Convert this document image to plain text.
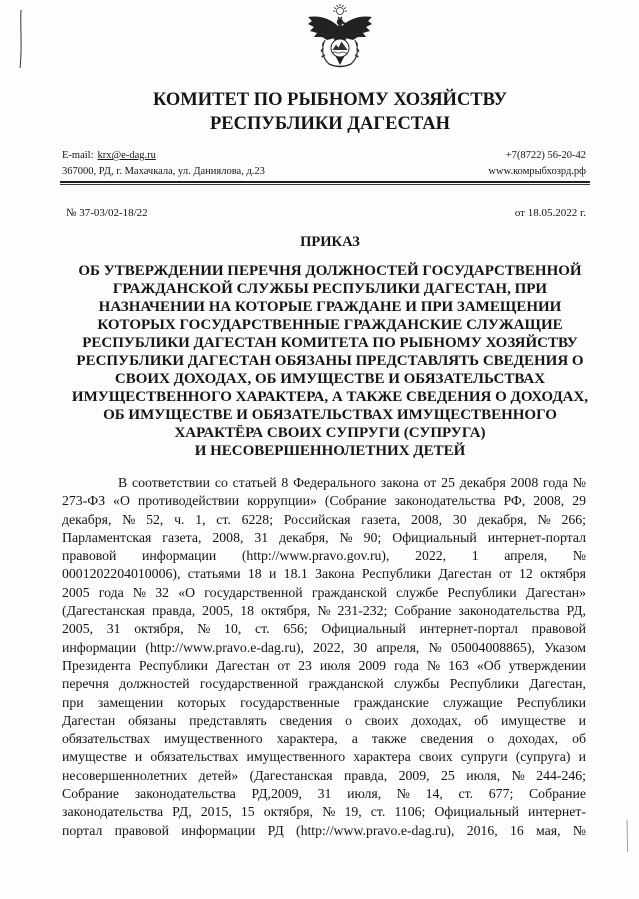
КОМИТЕТ ПО РЫБНОМУ ХОЗЯЙСТВУ
РЕСПУБЛИКИ ДАГЕСТАН
E-mail: krx@e-dag.ru	+7(8722) 56-20-42
367000, РД, г. Махачкала, ул. Даниялова, д.23	www.комрыбхозрд.рф
№ 37-03/02-18/22	от 18.05.2022 г.
ПРИКАЗ
ОБ УТВЕРЖДЕНИИ ПЕРЕЧНЯ ДОЛЖНОСТЕЙ ГОСУДАРСТВЕННОЙ
ГРАЖДАНСКОЙ СЛУЖБЫ РЕСПУБЛИКИ ДАГЕСТАН, ПРИ
НАЗНАЧЕНИИ НА КОТОРЫЕ ГРАЖДАНЕ И ПРИ ЗАМЕЩЕНИИ
КОТОРЫХ ГОСУДАРСТВЕННЫЕ ГРАЖДАНСКИЕ СЛУЖАЩИЕ
РЕСПУБЛИКИ ДАГЕСТАН КОМИТЕТА ПО РЫБНОМУ ХОЗЯЙСТВУ
РЕСПУБЛИКИ ДАГЕСТАН ОБЯЗАНЫ ПРЕДСТАВЛЯТЬ СВЕДЕНИЯ О
СВОИХ ДОХОДАХ, ОБ ИМУЩЕСТВЕ И ОБЯЗАТЕЛЬСТВАХ
ИМУЩЕСТВЕННОГО ХАРАКТЕРА, А ТАКЖЕ СВЕДЕНИЯ О ДОХОДАХ,
ОБ ИМУЩЕСТВЕ И ОБЯЗАТЕЛЬСТВАХ ИМУЩЕСТВЕННОГО
ХАРАКТЁРА СВОИХ СУПРУГИ (СУПРУГА)
И НЕСОВЕРШЕННОЛЕТНИХ ДЕТЕЙ
В соответствии со статьей 8 Федерального закона от 25 декабря 2008 года №
273-ФЗ «О противодействии коррупции» (Собрание законодательства РФ, 2008, 29
декабря, № 52, ч. 1, ст. 6228; Российская газета, 2008, 30 декабря, № 266;
Парламентская газета, 2008, 31 декабря, № 90; Официальный интернет-портал
правовой информации (http://www.pravo.gov.ru), 2022, 1 апреля, №
0001202204010006), статьями 18 и 18.1 Закона Республики Дагестан от 12 октября
2005 года № 32 «О государственной гражданской службе Республики Дагестан»
(Дагестанская правда, 2005, 18 октября, № 231-232; Собрание законодательства РД,
2005, 31 октября, № 10, ст. 656; Официальный интернет-портал правовой
информации (http://www.pravo.e-dag.ru), 2022, 30 апреля, № 05004008865), Указом
Президента Республики Дагестан от 23 июля 2009 года № 163 «Об утверждении
перечня должностей государственной гражданской службы Республики Дагестан,
при замещении которых государственные гражданские служащие Республики
Дагестан обязаны представлять сведения о своих доходах, об имуществе и
обязательствах имущественного характера, а также сведения о доходах, об
имуществе и обязательствах имущественного характера своих супруги (супруга) и
несовершеннолетних детей» (Дагестанская правда, 2009, 25 июля, № 244-246;
Собрание законодательства РД,2009, 31 июля, № 14, ст. 677; Собрание
законодательства РД, 2015, 15 октября, № 19, ст. 1106; Официальный интернет-
портал правовой информации РД (http://www.pravo.e-dag.ru), 2016, 16 мая, №
